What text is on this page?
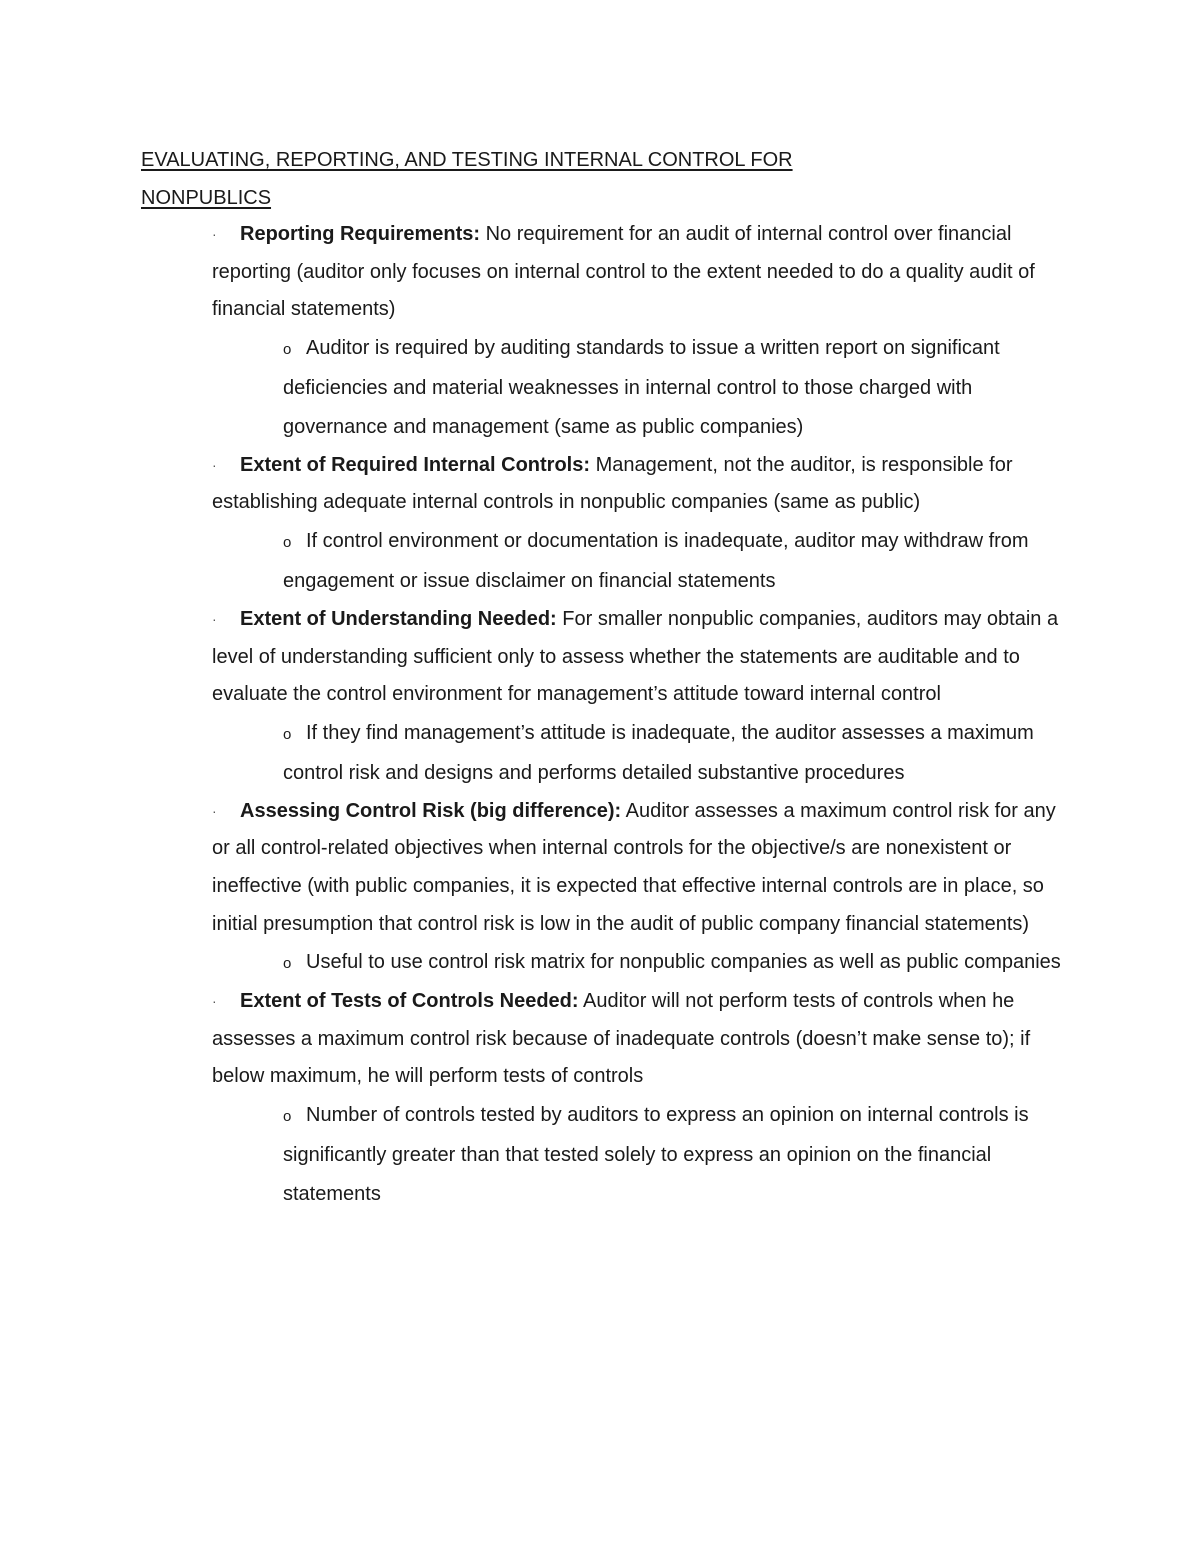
EVALUATING, REPORTING, AND TESTING INTERNAL CONTROL FOR
NONPUBLICS

· Reporting Requirements: No requirement for an audit of internal control over financial reporting (auditor only focuses on internal control to the extent needed to do a quality audit of financial statements)

o Auditor is required by auditing standards to issue a written report on significant deficiencies and material weaknesses in internal control to those charged with governance and management (same as public companies)

· Extent of Required Internal Controls: Management, not the auditor, is responsible for establishing adequate internal controls in nonpublic companies (same as public)

o If control environment or documentation is inadequate, auditor may withdraw from engagement or issue disclaimer on financial statements

· Extent of Understanding Needed: For smaller nonpublic companies, auditors may obtain a level of understanding sufficient only to assess whether the statements are auditable and to evaluate the control environment for management’s attitude toward internal control

o If they find management’s attitude is inadequate, the auditor assesses a maximum control risk and designs and performs detailed substantive procedures

· Assessing Control Risk (big difference): Auditor assesses a maximum control risk for any or all control-related objectives when internal controls for the objective/s are nonexistent or ineffective (with public companies, it is expected that effective internal controls are in place, so initial presumption that control risk is low in the audit of public company financial statements)

o Useful to use control risk matrix for nonpublic companies as well as public companies

· Extent of Tests of Controls Needed: Auditor will not perform tests of controls when he assesses a maximum control risk because of inadequate controls (doesn’t make sense to); if below maximum, he will perform tests of controls

o Number of controls tested by auditors to express an opinion on internal controls is significantly greater than that tested solely to express an opinion on the financial statements
